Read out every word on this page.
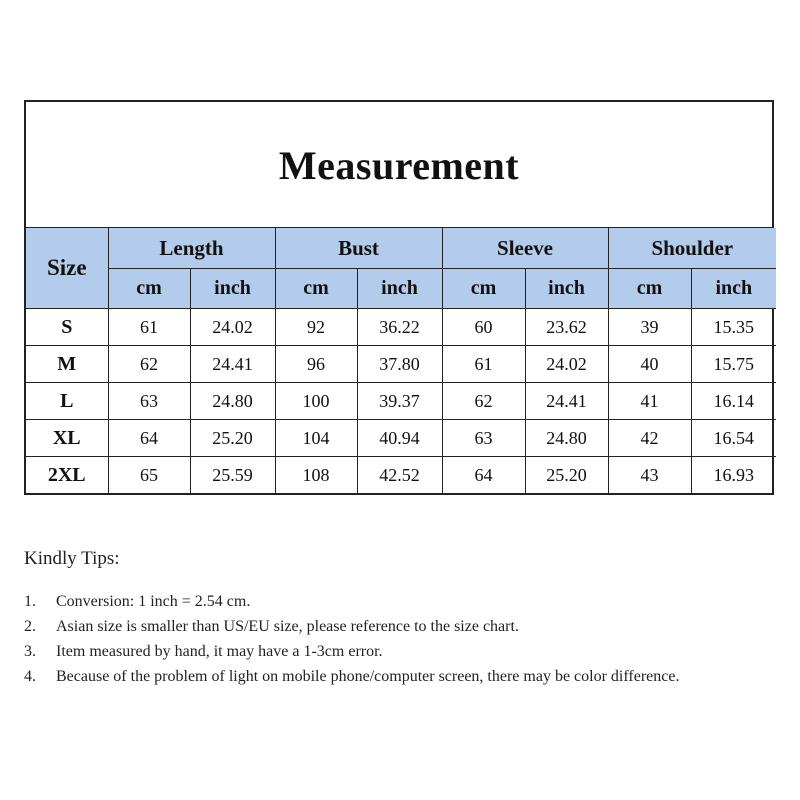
Measurement
Size	Length		Bust		Sleeve		Shoulder	
	cm	inch	cm	inch	cm	inch	cm	inch
S	61	24.02	92	36.22	60	23.62	39	15.35
M	62	24.41	96	37.80	61	24.02	40	15.75
L	63	24.80	100	39.37	62	24.41	41	16.14
XL	64	25.20	104	40.94	63	24.80	42	16.54
2XL	65	25.59	108	42.52	64	25.20	43	16.93
Kindly Tips:
1.	Conversion: 1 inch = 2.54 cm.
2.	Asian size is smaller than US/EU size, please reference to the size chart.
3.	Item measured by hand, it may have a 1-3cm error.
4.	Because of the problem of light on mobile phone/computer screen, there may be color difference.
